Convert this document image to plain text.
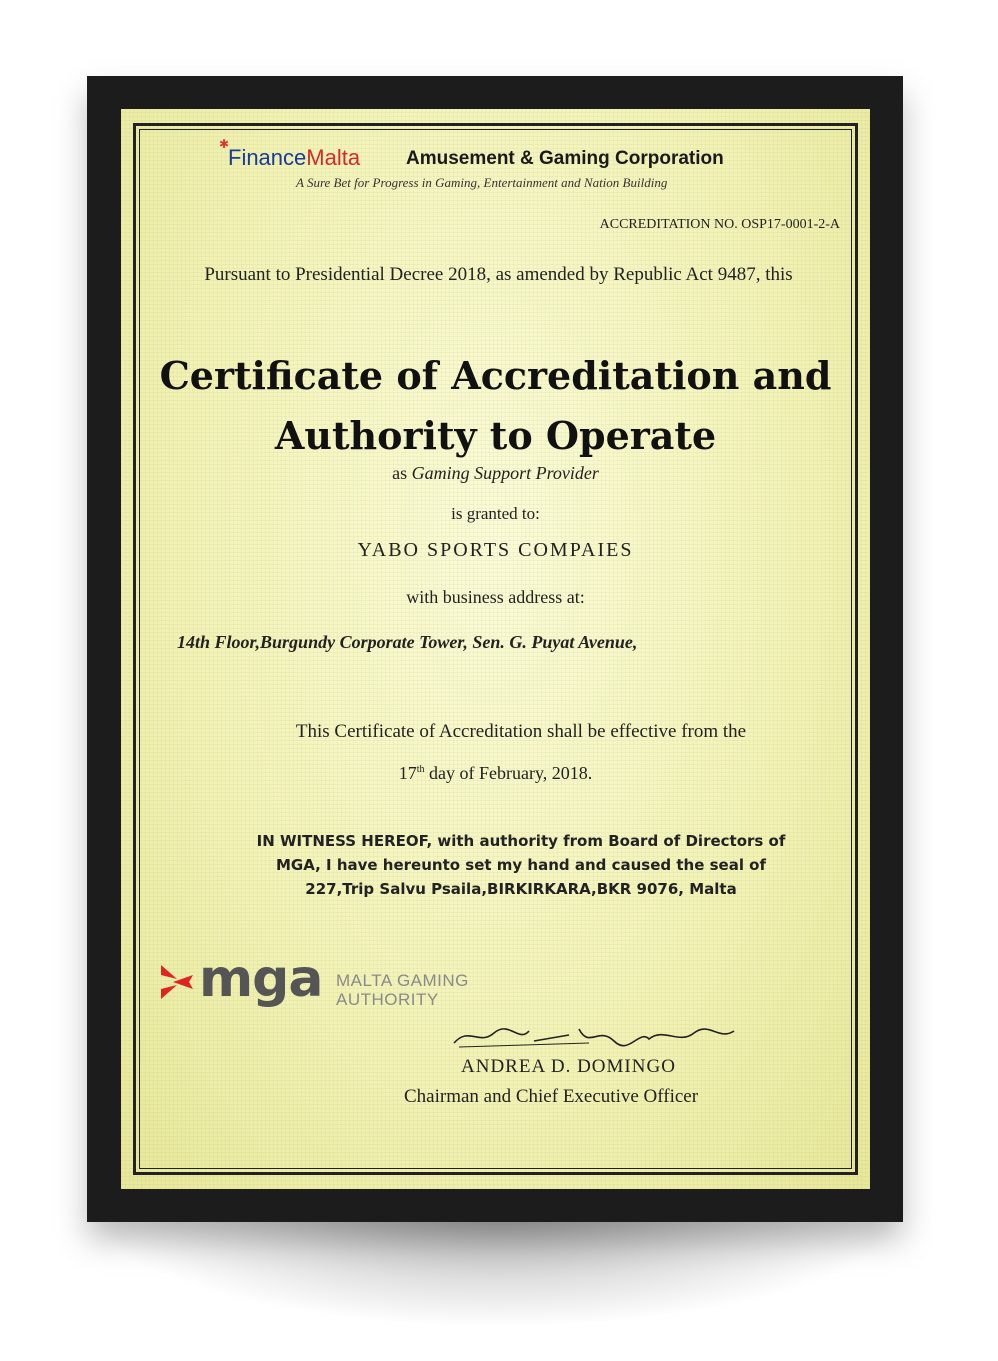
✱
FinanceMalta Amusement & Gaming Corporation
A Sure Bet for Progress in Gaming, Entertainment and Nation Building
ACCREDITATION NO. OSP17-0001-2-A
Pursuant to Presidential Decree 2018, as amended by Republic Act 9487, this
Certificate of Accreditation and
Authority to Operate
as Gaming Support Provider
is granted to:
YABO SPORTS COMPAIES
with business address at:
14th Floor,Burgundy Corporate Tower, Sen. G. Puyat Avenue,
This Certificate of Accreditation shall be effective from the
17th day of February, 2018.
IN WITNESS HEREOF, with authority from Board of Directors of
MGA, I have hereunto set my hand and caused the seal of
227,Trip Salvu Psaila,BIRKIRKARA,BKR 9076, Malta
mga MALTA GAMING
AUTHORITY
ANDREA D. DOMINGO
Chairman and Chief Executive Officer
